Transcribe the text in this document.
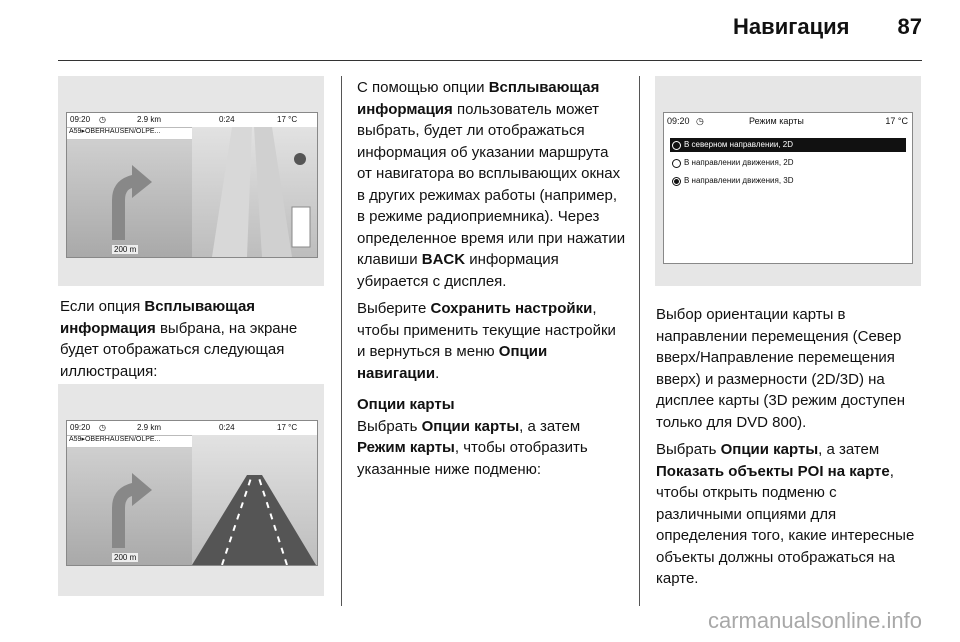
Навигация 87
09:20 ◷	2.9 km	0:24	17 °C
A59▸OBERHAUSEN/OLPE...
200 m

Если опция Всплывающая информация выбрана, на экране будет отображаться следующая иллюстрация:

09:20 ◷	2.9 km	0:24	17 °C
A59▸OBERHAUSEN/OLPE...
200 m

С помощью опции Всплывающая информация пользователь может выбрать, будет ли отображаться информация об указании маршрута от навигатора во всплывающих окнах в других режимах работы (например, в режиме радиоприемника). Через определенное время или при нажатии клавиши BACK информация убирается с дисплея.

Выберите Сохранить настройки, чтобы применить текущие настройки и вернуться в меню Опции навигации.

Опции карты

Выбрать Опции карты, а затем Режим карты, чтобы отобразить указанные ниже подменю:

09:20 ◷	Режим карты	17 °C
В северном направлении, 2D
В направлении движения, 2D
В направлении движения, 3D

Выбор ориентации карты в направлении перемещения (Север вверх/Направление перемещения вверх) и размерности (2D/3D) на дисплее карты (3D режим доступен только для DVD 800).

Выбрать Опции карты, а затем Показать объекты POI на карте, чтобы открыть подменю с различными опциями для определения того, какие интересные объекты должны отображаться на карте.

carmanualsonline.info
